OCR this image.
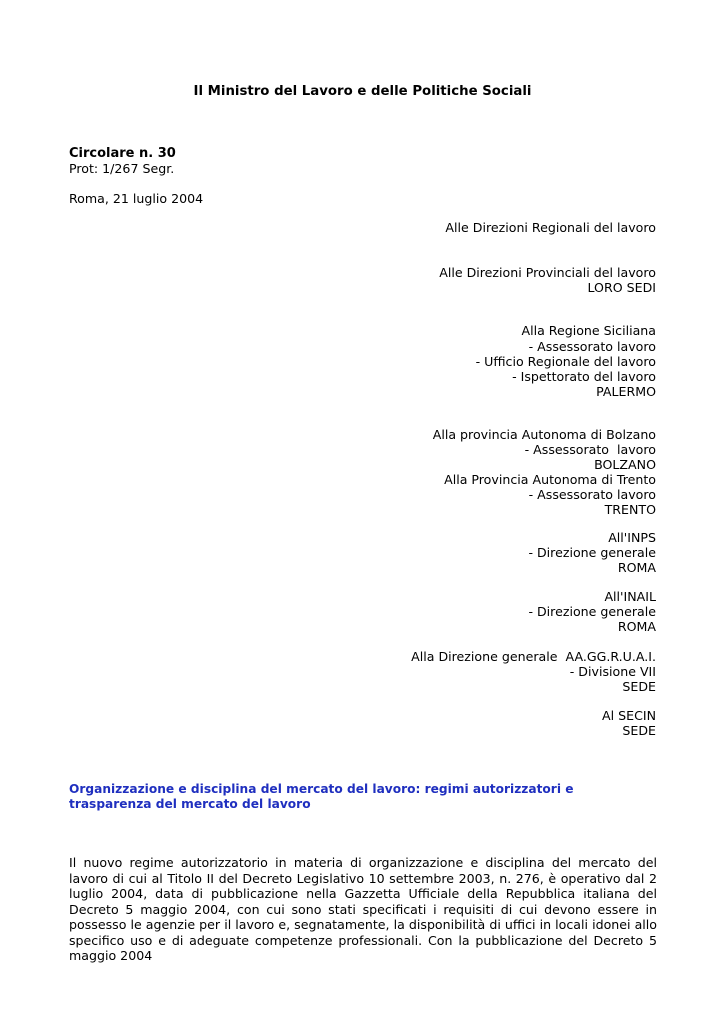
Il Ministro del Lavoro e delle Politiche Sociali
Circolare n. 30
Prot: 1/267 Segr.
Roma, 21 luglio 2004
Alle Direzioni Regionali del lavoro
Alle Direzioni Provinciali del lavoro
LORO SEDI
Alla Regione Siciliana
- Assessorato lavoro
- Ufficio Regionale del lavoro
- Ispettorato del lavoro
PALERMO
Alla provincia Autonoma di Bolzano
- Assessorato  lavoro
BOLZANO
Alla Provincia Autonoma di Trento
- Assessorato lavoro
TRENTO
All'INPS
- Direzione generale
ROMA
All'INAIL
- Direzione generale
ROMA
Alla Direzione generale  AA.GG.R.U.A.I.
- Divisione VII
SEDE
Al SECIN
SEDE
Organizzazione e disciplina del mercato del lavoro: regimi autorizzatori e trasparenza del mercato del lavoro
Il nuovo regime autorizzatorio in materia di organizzazione e disciplina del mercato del lavoro di cui al Titolo II del Decreto Legislativo 10 settembre 2003, n. 276, è operativo dal 2 luglio 2004, data di pubblicazione nella Gazzetta Ufficiale della Repubblica italiana del Decreto 5 maggio 2004, con cui sono stati specificati i requisiti di cui devono essere in possesso le agenzie per il lavoro e, segnatamente, la disponibilità di uffici in locali idonei allo specifico uso e di adeguate competenze professionali. Con la pubblicazione del Decreto 5 maggio 2004
